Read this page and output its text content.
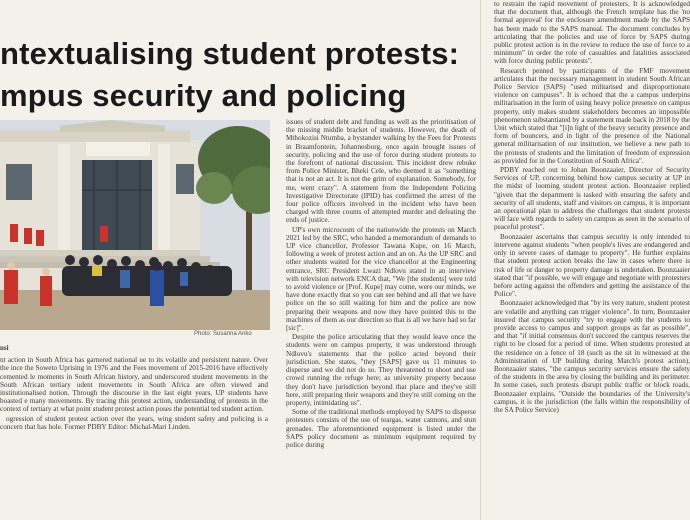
ntextualising student protests:
mpus security and policing
Photo: Susanna Anko
nsi

nt action in South Africa has garnered national ue to its volatile and persistent nature. Over the ince the Soweto Uprising in 1976 and the Fees movement of 2015-2016 have effectively cemented le moments in South African history, and underscored student movements in the South African tertiary udent movements in South Africa are often viewed and institutionalised notion. Through the discourse in the last eight years, UP students have boasted e many movements. By tracing this protest action, understanding of protests in the context of tertiary at what point student protest action poses the potential ted student action.

ogression of student protest action over the years, wing student safety and policing is a concern that has hole. Former PDBY Editor: Michal-Mari Linden.

issues of student debt and funding as well as the prioritisation of the missing middle bracket of students. However, the death of Mthokozisi Ntumba, a bystander walking by the Fees for Protests in Braamfontein, Johannesburg, once again brought issues of security, policing and the use of force during student protests to the forefront of national discussion. This incident drew rebuke from Police Minister, Bheki Cele, who deemed it as "something that is not an act. It is not the grim of explanation. Somebody, for me, went crazy". A statement from the Independent Policing Investigative Directorate (IPID) has confirmed the arrest of the four police officers involved in the incident who have been charged with three counts of attempted murder and defeating the ends of justice.

UP's own microcosm of the nationwide the protests on March 2021 led by the SRC, who handed a memorandum of demands to UP vice chancellor, Professor Tawana Kupe, on 16 March, following a week of protest action and an on. As the UP SRC and other students waited for the vice chancellor at the Engineering entrance, SRC President Lwazi Ndlovu stated in an interview with television network ENCA that, "We [the students] were told to avoid violence or [Prof. Kupe] may come, were our minds, we have done exactly that so you can see behind and all that we have police on the so still waiting for him and the police are now preparing their weapons and now they have pointed this to the machines of them as our direction so that is all we have had so far [sic]".

Despite the police articulating that they would leave once the students were on campus property, it was understood through Ndlovu's statements that the police acted beyond their jurisdiction. She states, "they [SAPS] gave us 11 minutes to disperse and we did not do so. They threatened to shoot and use crowd running the refuge here; as university property because they don't have jurisdiction beyond that place and they've still here, still preparing their weapons and they're still coming on the property, intimidating us".

Some of the traditional methods employed by SAPS to disperse protesters consists of the use of teargas, water cannons, and stun grenades. The aforementioned equipment is listed under the SAPS policy document as minimum equipment required by police during

to restrain the rapid movement of protesters. It is acknowledged that the document that, although the French template has the 'no formal approval' for the enclosure amendment made by the SAPS has been made to the SAPS manual. The document concludes by articulating that the policies and use of force by SAPS during public protest action is in the review to reduce the use of force to a minimum" in order the role of casualties and fatalities associated with force during public protests".

Research penned by participants of the FMF movement articulates that the necessary management in student South African Police Service (SAPS) "used militarised and disproportionate violence on campuses". It is echoed that the a campus underpins militarisation in the form of using heavy police presence on campus property, only makes student stakeholders becomes an impossible phenomenon substantiated by a statement made back in 2018 by the Unit which stated that "[i]n light of the heavy security presence and form of bouncers, and in light of the presence of the National general militarisation of our institution, we believe a new path to the protests of students and the limitation of freedom of expression as provided for in the Constitution of South Africa".

PDBY reached out to Johan Boonzaaier, Director of Security Services of UP, concerning behind how campus security at UP in the midst of looming student protest action. Boonzaaier replied "given that the department is tasked with ensuring the safety and security of all students, staff and visitors on campus, it is important an operational plan to address the challenges that student protests will face with regards to safety on campus as seen in the scenario of peaceful protest".

Boonzaaier ascertains that campus security is only intended to intervene against students "when people's lives are endangered and only in severe cases of damage to property". He further explains that student protest action breaks the law in cases where there is risk of life or danger to property damage is undertaken. Boonzaaier stated that "if possible, we will engage and negotiate with protesters before acting against the offenders and getting the assistance of the Police".

Boonzaaier acknowledged that "by its very nature, student protest are volatile and anything can trigger violence". In turn, Boonzaaier insured that campus security "try to engage with the students to provide access to campus and support groups as far as possible", and that "if initial consensus don't succeed the campus reserves the right to be closed for a period of time. When students protested at the residence on a fence of 18 (such as the sit in witnessed at the Administration of UP building during March's protest action), Boonzaaier states, "the campus security services ensure the safety of the students in the area by closing the building and its perimeter. In some cases, such protests disrupt public traffic or block roads, Boonzaaier explains. "Outside the boundaries of the University's campus, it is the jurisdiction (the falls within the responsibility of the SA Police Service)
